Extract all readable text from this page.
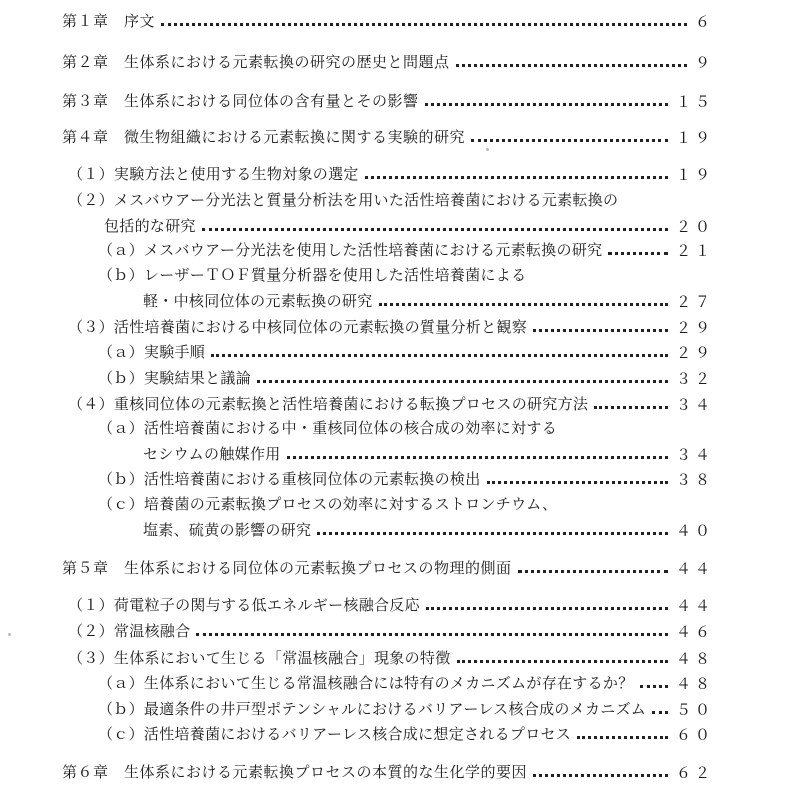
第１章　序文	６
第２章　生体系における元素転換の研究の歴史と問題点	９
第３章　生体系における同位体の含有量とその影響	１５
第４章　微生物組織における元素転換に関する実験的研究	１９
（１）実験方法と使用する生物対象の選定	１９
（２）メスバウアー分光法と質量分析法を用いた活性培養菌における元素転換の
包括的な研究	２０
（ａ）メスバウアー分光法を使用した活性培養菌における元素転換の研究	２１
（ｂ）レーザーＴＯＦ質量分析器を使用した活性培養菌による
軽・中核同位体の元素転換の研究	２７
（３）活性培養菌における中核同位体の元素転換の質量分析と観察	２９
（ａ）実験手順	２９
（ｂ）実験結果と議論	３２
（４）重核同位体の元素転換と活性培養菌における転換プロセスの研究方法	３４
（ａ）活性培養菌における中・重核同位体の核合成の効率に対する
セシウムの触媒作用	３４
（ｂ）活性培養菌における重核同位体の元素転換の検出	３８
（ｃ）培養菌の元素転換プロセスの効率に対するストロンチウム、
塩素、硫黄の影響の研究	４０
第５章　生体系における同位体の元素転換プロセスの物理的側面	４４
（１）荷電粒子の関与する低エネルギー核融合反応	４４
（２）常温核融合	４６
（３）生体系において生じる「常温核融合」現象の特徴	４８
（ａ）生体系において生じる常温核融合には特有のメカニズムが存在するか？	４８
（ｂ）最適条件の井戸型ポテンシャルにおけるバリアーレス核合成のメカニズム ５０
（ｃ）活性培養菌におけるバリアーレス核合成に想定されるプロセス	６０
第６章　生体系における元素転換プロセスの本質的な生化学的要因	６２
